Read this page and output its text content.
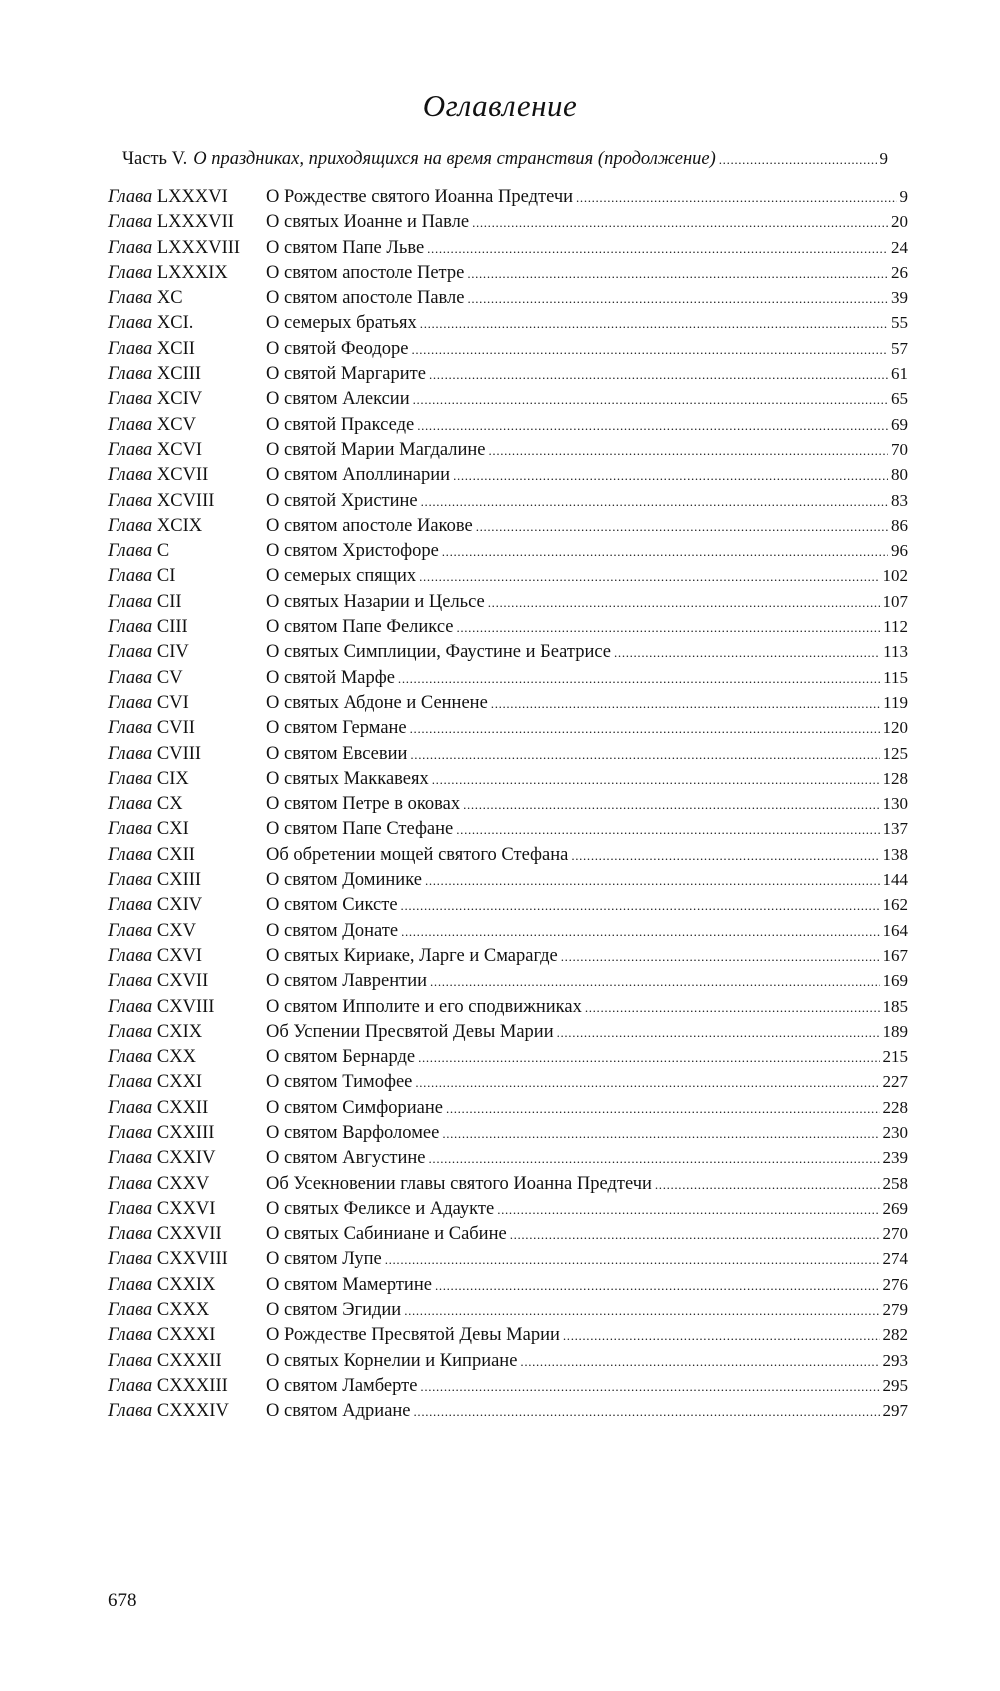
Оглавление
Часть V. О праздниках, приходящихся на время странствия (продолжение) . . .	9
Глава LXXXVI	О Рождестве святого Иоанна Предтечи . . .	9
Глава LXXXVII	О святых Иоанне и Павле . . .	20
Глава LXXXVIII	О святом Папе Льве . . .	24
Глава LXXXIX	О святом апостоле Петре . . .	26
Глава XC	О святом апостоле Павле . . .	39
Глава XCI.	О семерых братьях . . .	55
Глава XCII	О святой Феодоре . . .	57
Глава XCIII	О святой Маргарите . . .	61
Глава XCIV	О святом Алексии . . .	65
Глава XCV	О святой Пракседе . . .	69
Глава XCVI	О святой Марии Магдалине . . .	70
Глава XCVII	О святом Аполлинарии . . .	80
Глава XCVIII	О святой Христине . . .	83
Глава XCIX	О святом апостоле Иакове . . .	86
Глава C	О святом Христофоре . . .	96
Глава CI	О семерых спящих . . .	102
Глава CII	О святых Назарии и Цельсе . . .	107
Глава CIII	О святом Папе Феликсе . . .	112
Глава CIV	О святых Симплиции, Фаустине и Беатрисе . . .	113
Глава CV	О святой Марфе . . .	115
Глава CVI	О святых Абдоне и Сеннене . . .	119
Глава CVII	О святом Германе . . .	120
Глава CVIII	О святом Евсевии . . .	125
Глава CIX	О святых Маккавеях . . .	128
Глава CX	О святом Петре в оковах . . .	130
Глава CXI	О святом Папе Стефане . . .	137
Глава CXII	Об обретении мощей святого Стефана . . .	138
Глава CXIII	О святом Доминике . . .	144
Глава CXIV	О святом Сиксте . . .	162
Глава CXV	О святом Донате . . .	164
Глава CXVI	О святых Кириаке, Ларге и Смарагде . . .	167
Глава CXVII	О святом Лаврентии . . .	169
Глава CXVIII	О святом Ипполите и его сподвижниках . . .	185
Глава CXIX	Об Успении Пресвятой Девы Марии . . .	189
Глава CXX	О святом Бернарде . . .	215
Глава CXXI	О святом Тимофее . . .	227
Глава CXXII	О святом Симфориане . . .	228
Глава CXXIII	О святом Варфоломее . . .	230
Глава CXXIV	О святом Августине . . .	239
Глава CXXV	Об Усекновении главы святого Иоанна Предтечи . . .	258
Глава CXXVI	О святых Феликсе и Адаукте . . .	269
Глава CXXVII	О святых Сабиниане и Сабине . . .	270
Глава CXXVIII	О святом Лупе . . .	274
Глава CXXIX	О святом Мамертине . . .	276
Глава CXXX	О святом Эгидии . . .	279
Глава CXXXI	О Рождестве Пресвятой Девы Марии . . .	282
Глава CXXXII	О святых Корнелии и Киприане . . .	293
Глава CXXXIII	О святом Ламберте . . .	295
Глава CXXXIV	О святом Адриане . . .	297
678
